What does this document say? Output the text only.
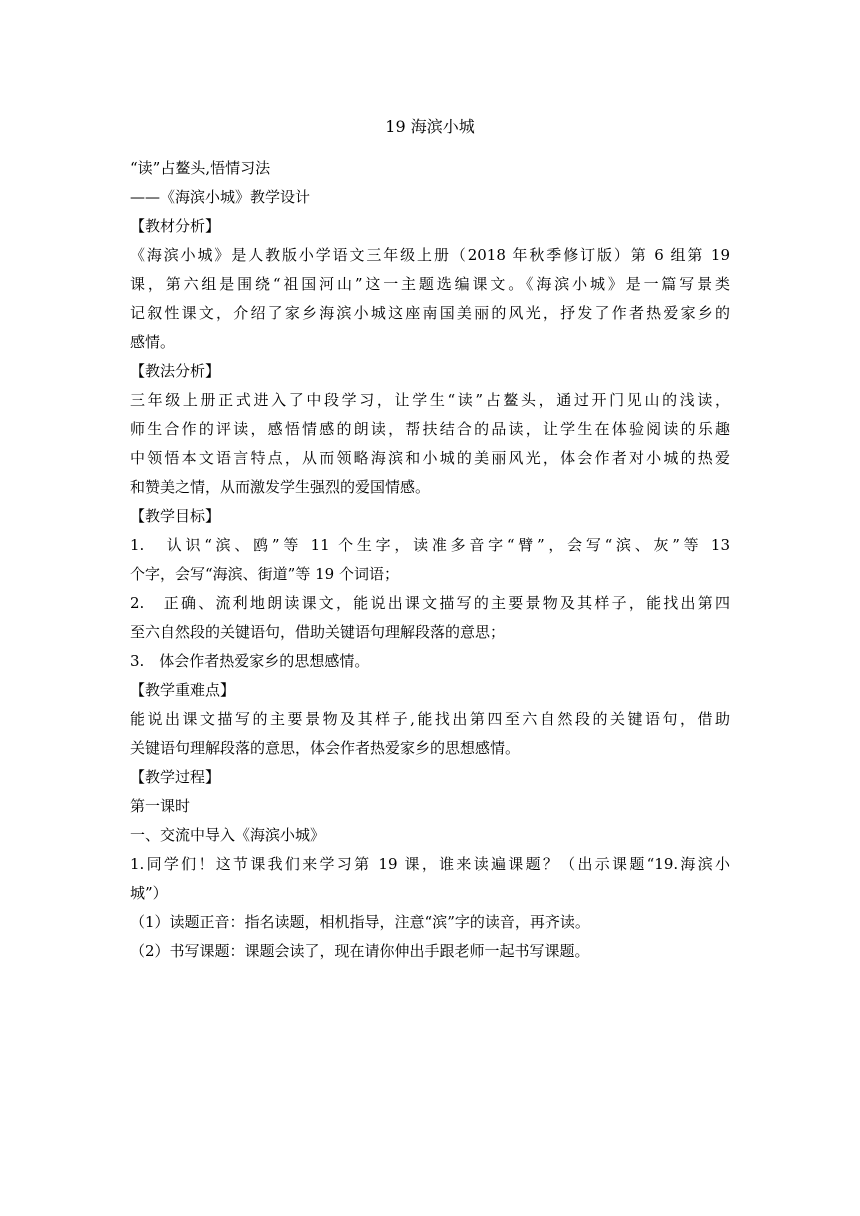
19 海滨小城
“读”占鳌头,悟情习法
——《海滨小城》教学设计
【教材分析】
《海滨小城》是人教版小学语文三年级上册（2018 年秋季修订版）第 6 组第 19
课，第六组是围绕“祖国河山”这一主题选编课文。《海滨小城》是一篇写景类
记叙性课文，介绍了家乡海滨小城这座南国美丽的风光，抒发了作者热爱家乡的
感情。
【教法分析】
三年级上册正式进入了中段学习，让学生“读”占鳌头，通过开门见山的浅读，
师生合作的评读，感悟情感的朗读，帮扶结合的品读，让学生在体验阅读的乐趣
中领悟本文语言特点，从而领略海滨和小城的美丽风光，体会作者对小城的热爱
和赞美之情，从而激发学生强烈的爱国情感。
【教学目标】
1.　认识“滨、鸥”等 11 个生字，读准多音字“臂”，会写“滨、灰”等 13
个字，会写“海滨、街道”等 19 个词语；
2.　正确、流利地朗读课文，能说出课文描写的主要景物及其样子，能找出第四
至六自然段的关键语句，借助关键语句理解段落的意思；
3.　体会作者热爱家乡的思想感情。
【教学重难点】
能说出课文描写的主要景物及其样子,能找出第四至六自然段的关键语句，借助
关键语句理解段落的意思，体会作者热爱家乡的思想感情。
【教学过程】
第一课时
一、交流中导入《海滨小城》
1.同学们！这节课我们来学习第 19 课，谁来读遍课题？（出示课题“19.海滨小
城”）
（1）读题正音：指名读题，相机指导，注意“滨”字的读音，再齐读。
（2）书写课题：课题会读了，现在请你伸出手跟老师一起书写课题。
